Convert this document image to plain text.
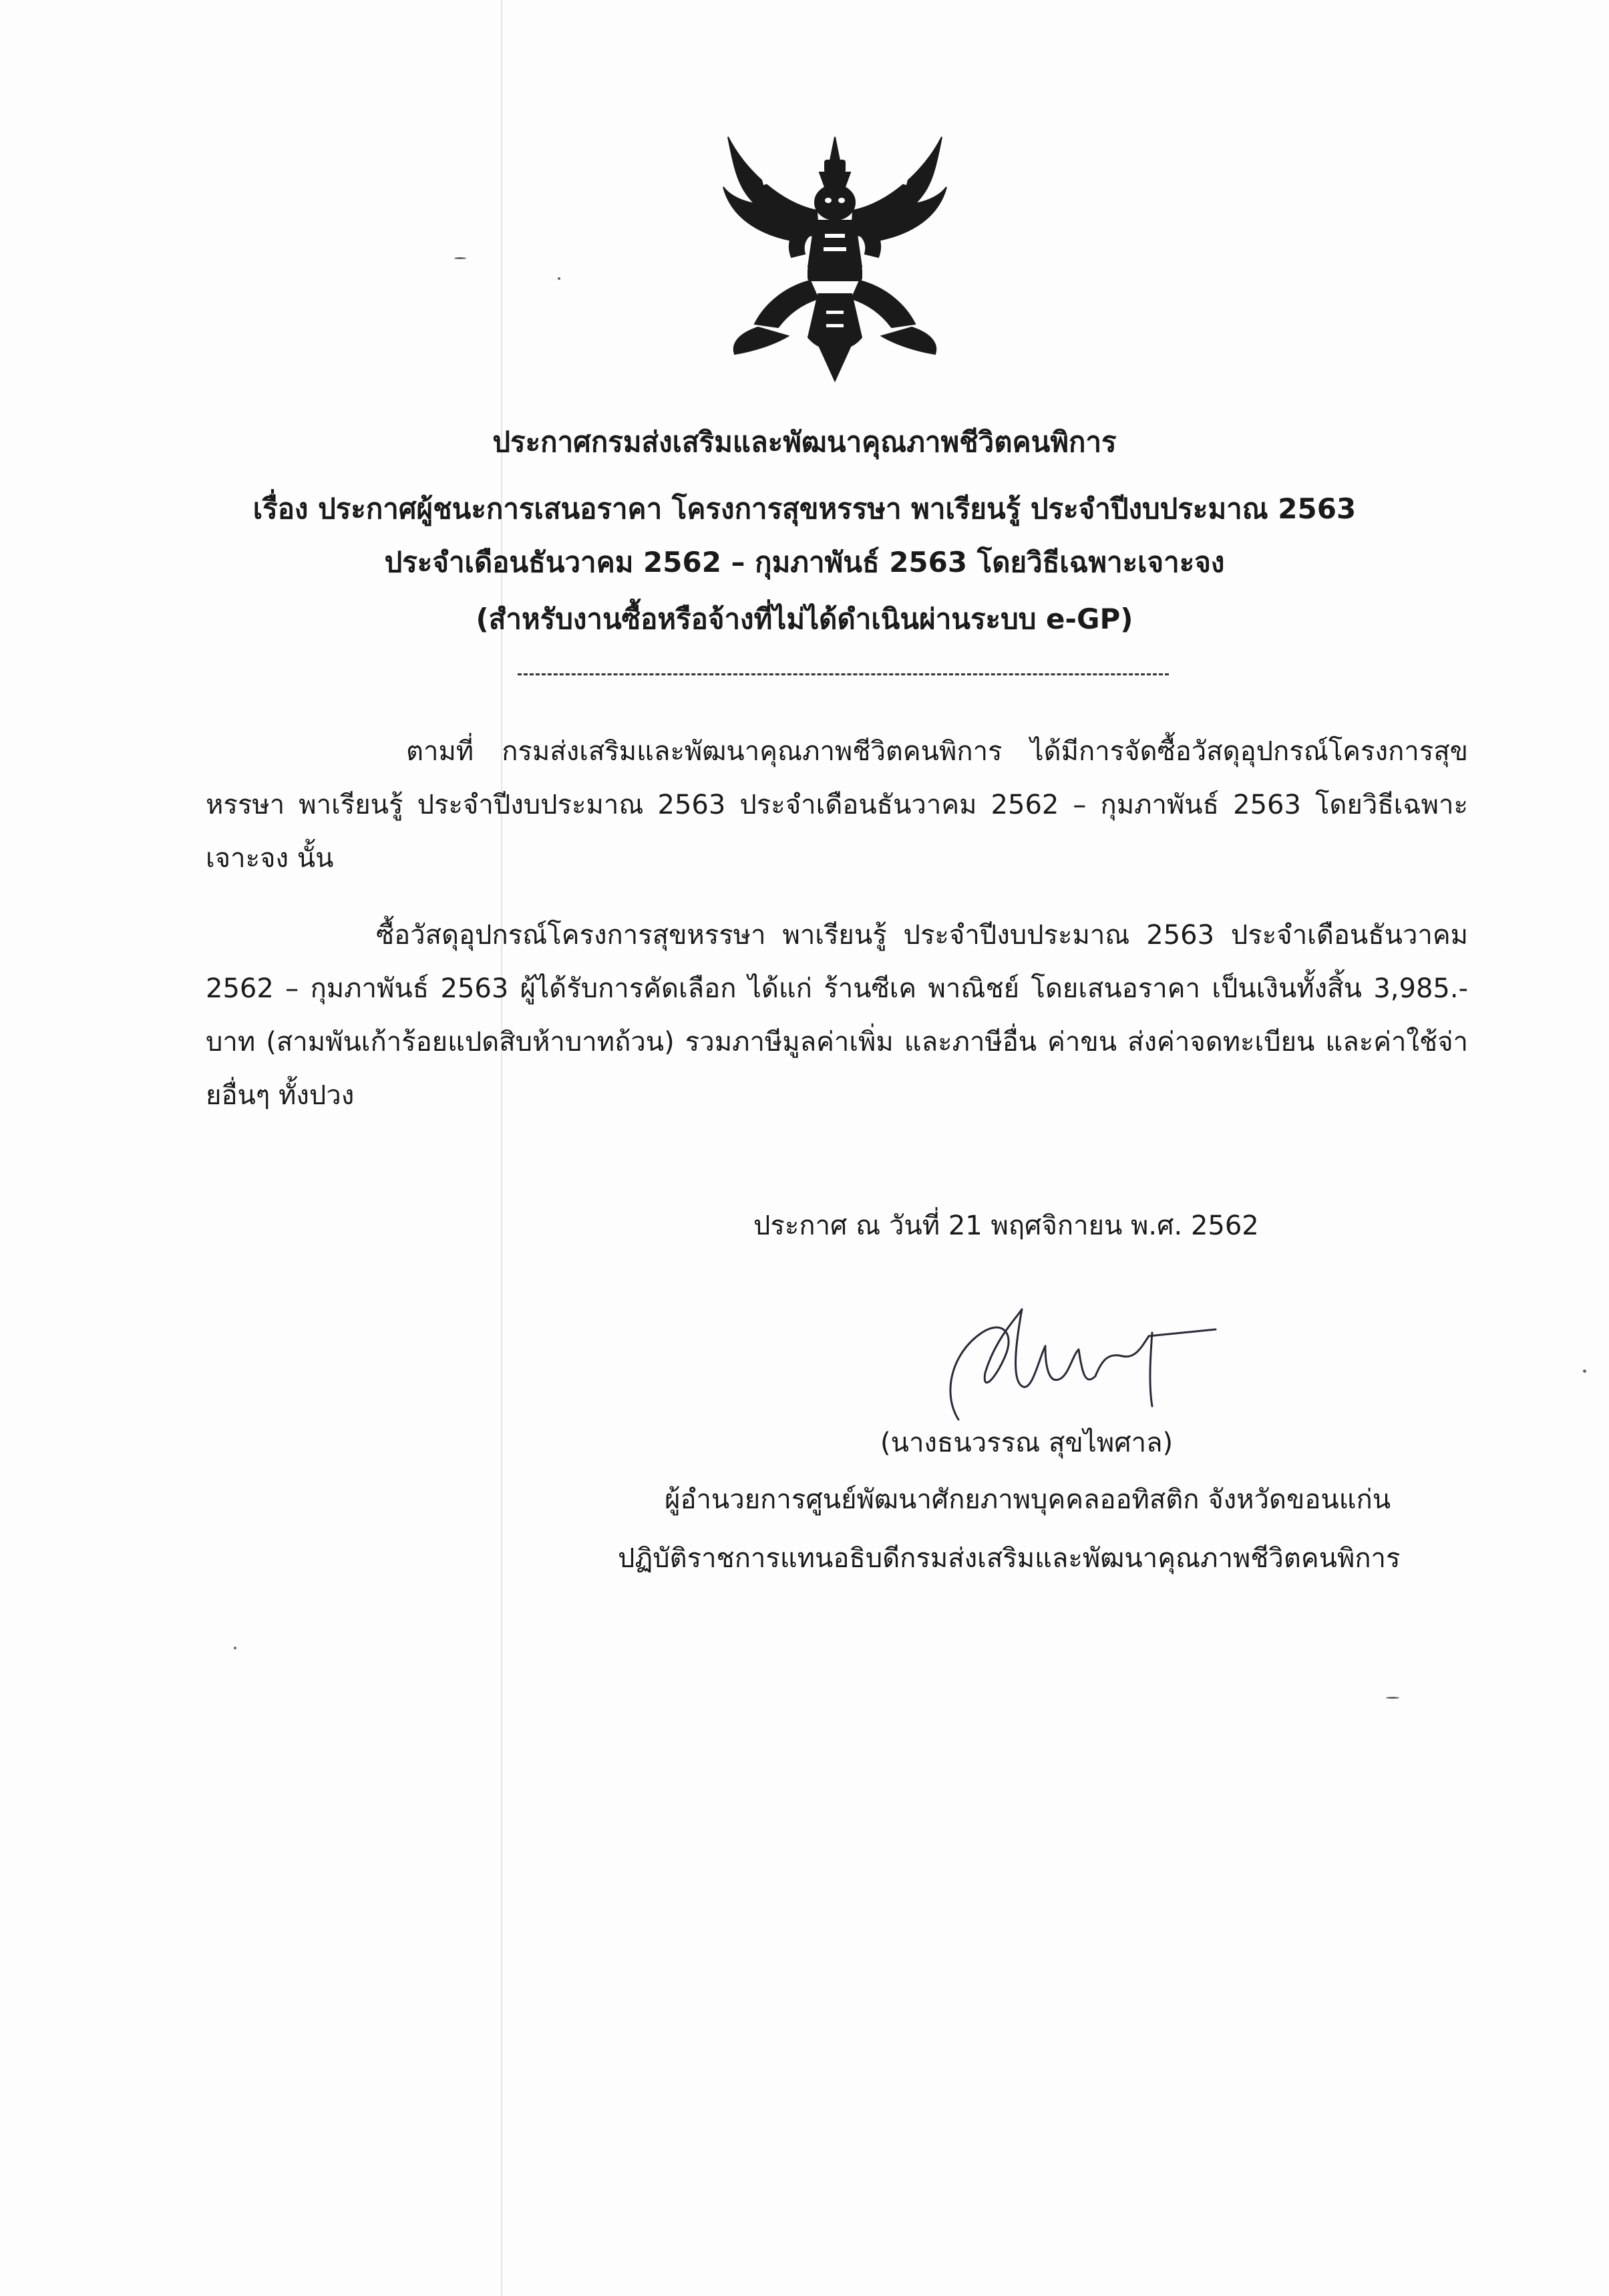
ประกาศกรมส่งเสริมและพัฒนาคุณภาพชีวิตคนพิการ
เรื่อง ประกาศผู้ชนะการเสนอราคา โครงการสุขหรรษา พาเรียนรู้ ประจำปีงบประมาณ 2563
ประจำเดือนธันวาคม 2562 – กุมภาพันธ์ 2563 โดยวิธีเฉพาะเจาะจง
(สำหรับงานซื้อหรือจ้างที่ไม่ได้ดำเนินผ่านระบบ e-GP)

ตามที่ กรมส่งเสริมและพัฒนาคุณภาพชีวิตคนพิการ ได้มีการจัดซื้อวัสดุอุปกรณ์โครงการสุขหรรษา พาเรียนรู้ ประจำปีงบประมาณ 2563 ประจำเดือนธันวาคม 2562 – กุมภาพันธ์ 2563 โดยวิธีเฉพาะเจาะจง นั้น

ซื้อวัสดุอุปกรณ์โครงการสุขหรรษา พาเรียนรู้ ประจำปีงบประมาณ 2563 ประจำเดือนธันวาคม 2562 – กุมภาพันธ์ 2563 ผู้ได้รับการคัดเลือก ได้แก่ ร้านซีเค พาณิชย์ โดยเสนอราคา เป็นเงินทั้งสิ้น 3,985.-บาท (สามพันเก้าร้อยแปดสิบห้าบาทถ้วน) รวมภาษีมูลค่าเพิ่ม และภาษีอื่น ค่าขน ส่งค่าจดทะเบียน และค่าใช้จ่ายอื่นๆ ทั้งปวง

ประกาศ ณ วันที่ 21 พฤศจิกายน พ.ศ. 2562
(นางธนวรรณ สุขไพศาล)
ผู้อำนวยการศูนย์พัฒนาศักยภาพบุคคลออทิสติก จังหวัดขอนแก่น
ปฏิบัติราชการแทนอธิบดีกรมส่งเสริมและพัฒนาคุณภาพชีวิตคนพิการ
